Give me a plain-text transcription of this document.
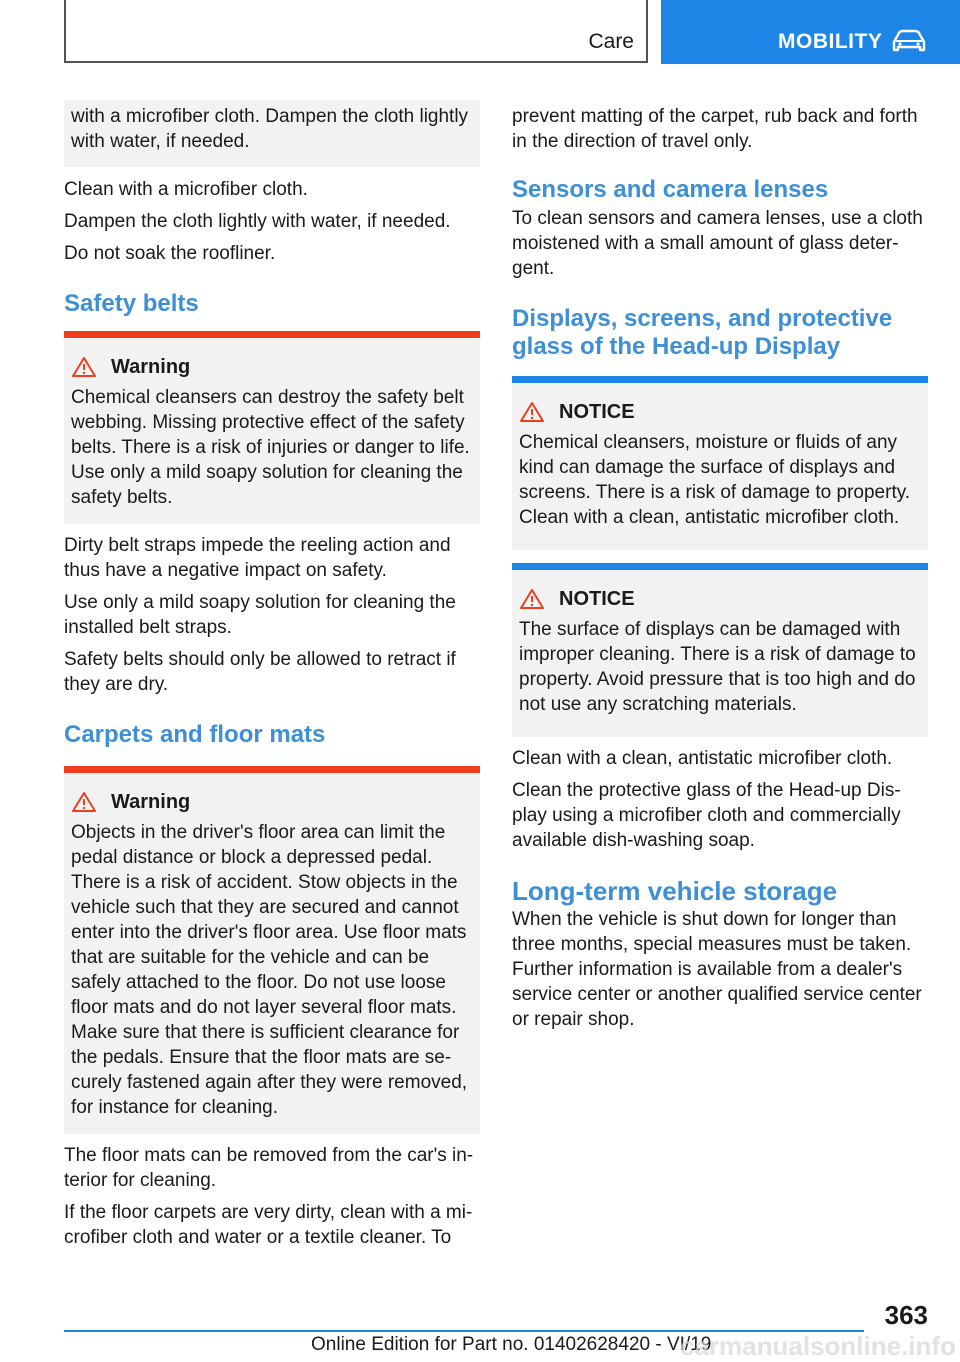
Care	MOBILITY

with a microfiber cloth. Dampen the cloth lightly with water, if needed.

Clean with a microfiber cloth.

Dampen the cloth lightly with water, if needed.

Do not soak the roofliner.

Safety belts
Warning

Chemical cleansers can destroy the safety belt webbing. Missing protective effect of the safety belts. There is a risk of injuries or danger to life. Use only a mild soapy solution for cleaning the safety belts.

Dirty belt straps impede the reeling action and thus have a negative impact on safety.

Use only a mild soapy solution for cleaning the installed belt straps.

Safety belts should only be allowed to retract if they are dry.

Carpets and floor mats
Warning

Objects in the driver's floor area can limit the pedal distance or block a depressed pedal. There is a risk of accident. Stow objects in the vehicle such that they are secured and cannot enter into the driver's floor area. Use floor mats that are suitable for the vehicle and can be safely attached to the floor. Do not use loose floor mats and do not layer several floor mats. Make sure that there is sufficient clearance for the pedals. Ensure that the floor mats are securely fastened again after they were removed, for instance for cleaning.

The floor mats can be removed from the car's interior for cleaning.

If the floor carpets are very dirty, clean with a microfiber cloth and water or a textile cleaner. To

prevent matting of the carpet, rub back and forth in the direction of travel only.

Sensors and camera lenses

To clean sensors and camera lenses, use a cloth moistened with a small amount of glass detergent.

Displays, screens, and protective glass of the Head-up Display
NOTICE

Chemical cleansers, moisture or fluids of any kind can damage the surface of displays and screens. There is a risk of damage to property. Clean with a clean, antistatic microfiber cloth.

NOTICE

The surface of displays can be damaged with improper cleaning. There is a risk of damage to property. Avoid pressure that is too high and do not use any scratching materials.

Clean with a clean, antistatic microfiber cloth.

Clean the protective glass of the Head-up Display using a microfiber cloth and commercially available dish-washing soap.

Long-term vehicle storage

When the vehicle is shut down for longer than three months, special measures must be taken. Further information is available from a dealer's service center or another qualified service center or repair shop.

363
Online Edition for Part no. 01402628420 - VI/19
carmanualsonline.info
